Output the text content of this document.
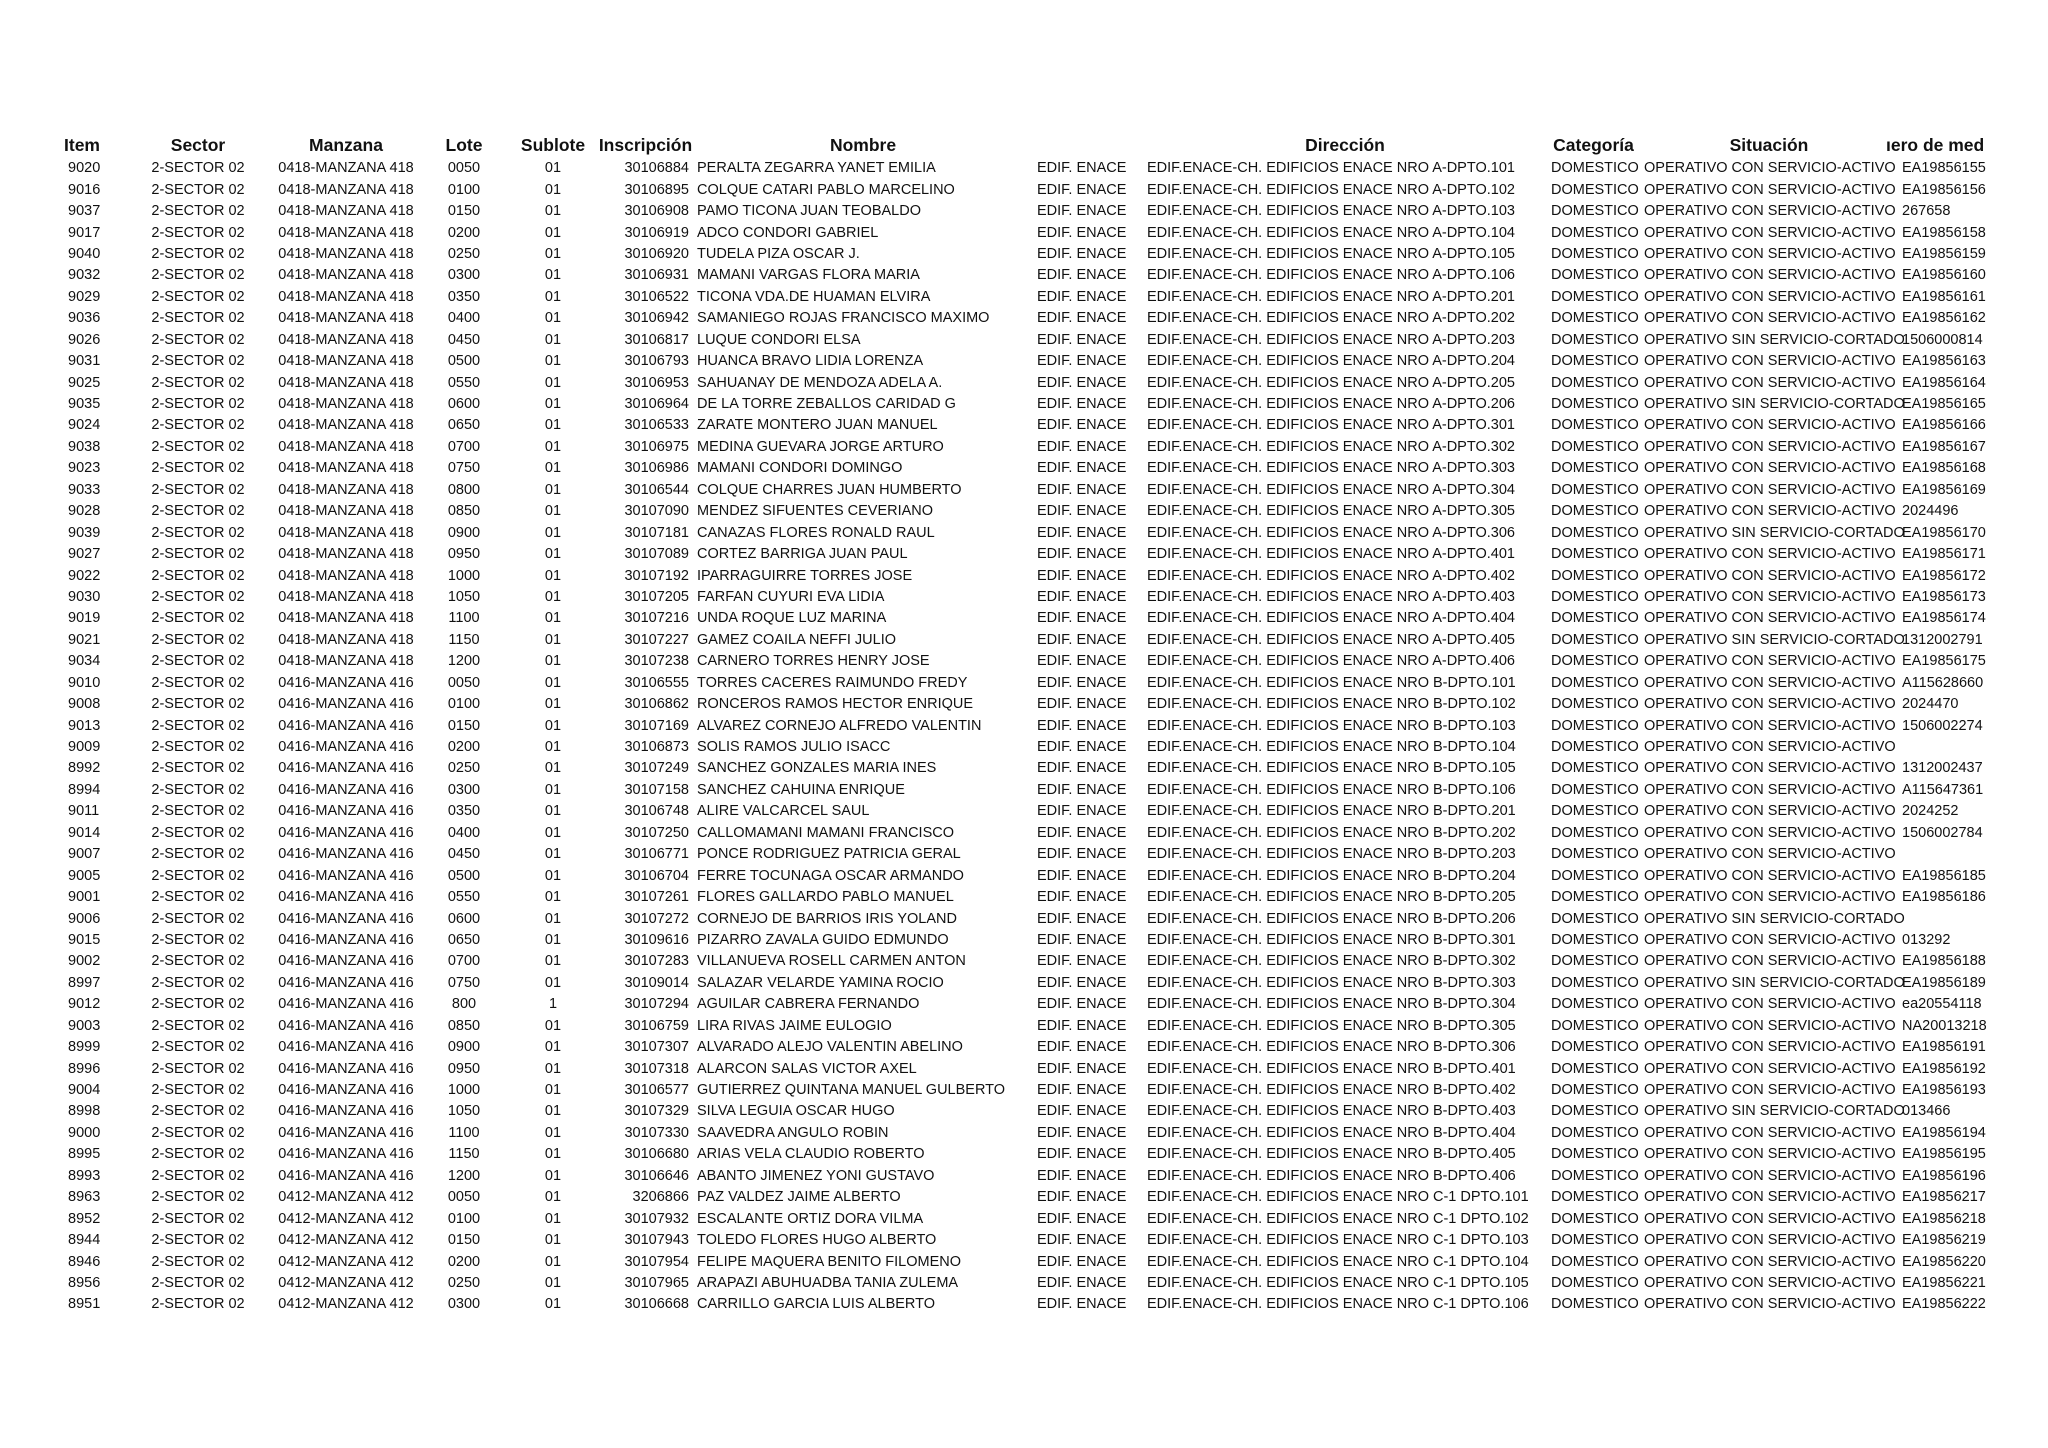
Item	Sector	Manzana	Lote	Sublote	Inscripción	Nombre		Dirección	Categoría	Situación	ıero de med
9020	2-SECTOR 02	0418-MANZANA 418	0050	01	30106884	PERALTA ZEGARRA YANET EMILIA	EDIF. ENACE	EDIF.ENACE-CH. EDIFICIOS ENACE NRO A-DPTO.101	DOMESTICO	OPERATIVO CON SERVICIO-ACTIVO	EA19856155
9016	2-SECTOR 02	0418-MANZANA 418	0100	01	30106895	COLQUE CATARI PABLO MARCELINO	EDIF. ENACE	EDIF.ENACE-CH. EDIFICIOS ENACE NRO A-DPTO.102	DOMESTICO	OPERATIVO CON SERVICIO-ACTIVO	EA19856156
9037	2-SECTOR 02	0418-MANZANA 418	0150	01	30106908	PAMO TICONA JUAN TEOBALDO	EDIF. ENACE	EDIF.ENACE-CH. EDIFICIOS ENACE NRO A-DPTO.103	DOMESTICO	OPERATIVO CON SERVICIO-ACTIVO	267658
9017	2-SECTOR 02	0418-MANZANA 418	0200	01	30106919	ADCO CONDORI GABRIEL	EDIF. ENACE	EDIF.ENACE-CH. EDIFICIOS ENACE NRO A-DPTO.104	DOMESTICO	OPERATIVO CON SERVICIO-ACTIVO	EA19856158
9040	2-SECTOR 02	0418-MANZANA 418	0250	01	30106920	TUDELA PIZA OSCAR J.	EDIF. ENACE	EDIF.ENACE-CH. EDIFICIOS ENACE NRO A-DPTO.105	DOMESTICO	OPERATIVO CON SERVICIO-ACTIVO	EA19856159
9032	2-SECTOR 02	0418-MANZANA 418	0300	01	30106931	MAMANI VARGAS FLORA MARIA	EDIF. ENACE	EDIF.ENACE-CH. EDIFICIOS ENACE NRO A-DPTO.106	DOMESTICO	OPERATIVO CON SERVICIO-ACTIVO	EA19856160
9029	2-SECTOR 02	0418-MANZANA 418	0350	01	30106522	TICONA VDA.DE HUAMAN ELVIRA	EDIF. ENACE	EDIF.ENACE-CH. EDIFICIOS ENACE NRO A-DPTO.201	DOMESTICO	OPERATIVO CON SERVICIO-ACTIVO	EA19856161
9036	2-SECTOR 02	0418-MANZANA 418	0400	01	30106942	SAMANIEGO ROJAS FRANCISCO MAXIMO	EDIF. ENACE	EDIF.ENACE-CH. EDIFICIOS ENACE NRO A-DPTO.202	DOMESTICO	OPERATIVO CON SERVICIO-ACTIVO	EA19856162
9026	2-SECTOR 02	0418-MANZANA 418	0450	01	30106817	LUQUE CONDORI ELSA	EDIF. ENACE	EDIF.ENACE-CH. EDIFICIOS ENACE NRO A-DPTO.203	DOMESTICO	OPERATIVO SIN SERVICIO-CORTADO	1506000814
9031	2-SECTOR 02	0418-MANZANA 418	0500	01	30106793	HUANCA BRAVO LIDIA LORENZA	EDIF. ENACE	EDIF.ENACE-CH. EDIFICIOS ENACE NRO A-DPTO.204	DOMESTICO	OPERATIVO CON SERVICIO-ACTIVO	EA19856163
9025	2-SECTOR 02	0418-MANZANA 418	0550	01	30106953	SAHUANAY DE MENDOZA ADELA A.	EDIF. ENACE	EDIF.ENACE-CH. EDIFICIOS ENACE NRO A-DPTO.205	DOMESTICO	OPERATIVO CON SERVICIO-ACTIVO	EA19856164
9035	2-SECTOR 02	0418-MANZANA 418	0600	01	30106964	DE LA TORRE ZEBALLOS CARIDAD G	EDIF. ENACE	EDIF.ENACE-CH. EDIFICIOS ENACE NRO A-DPTO.206	DOMESTICO	OPERATIVO SIN SERVICIO-CORTADO	EA19856165
9024	2-SECTOR 02	0418-MANZANA 418	0650	01	30106533	ZARATE MONTERO JUAN MANUEL	EDIF. ENACE	EDIF.ENACE-CH. EDIFICIOS ENACE NRO A-DPTO.301	DOMESTICO	OPERATIVO CON SERVICIO-ACTIVO	EA19856166
9038	2-SECTOR 02	0418-MANZANA 418	0700	01	30106975	MEDINA GUEVARA JORGE ARTURO	EDIF. ENACE	EDIF.ENACE-CH. EDIFICIOS ENACE NRO A-DPTO.302	DOMESTICO	OPERATIVO CON SERVICIO-ACTIVO	EA19856167
9023	2-SECTOR 02	0418-MANZANA 418	0750	01	30106986	MAMANI CONDORI DOMINGO	EDIF. ENACE	EDIF.ENACE-CH. EDIFICIOS ENACE NRO A-DPTO.303	DOMESTICO	OPERATIVO CON SERVICIO-ACTIVO	EA19856168
9033	2-SECTOR 02	0418-MANZANA 418	0800	01	30106544	COLQUE CHARRES JUAN HUMBERTO	EDIF. ENACE	EDIF.ENACE-CH. EDIFICIOS ENACE NRO A-DPTO.304	DOMESTICO	OPERATIVO CON SERVICIO-ACTIVO	EA19856169
9028	2-SECTOR 02	0418-MANZANA 418	0850	01	30107090	MENDEZ SIFUENTES CEVERIANO	EDIF. ENACE	EDIF.ENACE-CH. EDIFICIOS ENACE NRO A-DPTO.305	DOMESTICO	OPERATIVO CON SERVICIO-ACTIVO	2024496
9039	2-SECTOR 02	0418-MANZANA 418	0900	01	30107181	CANAZAS FLORES RONALD RAUL	EDIF. ENACE	EDIF.ENACE-CH. EDIFICIOS ENACE NRO A-DPTO.306	DOMESTICO	OPERATIVO SIN SERVICIO-CORTADO	EA19856170
9027	2-SECTOR 02	0418-MANZANA 418	0950	01	30107089	CORTEZ BARRIGA JUAN PAUL	EDIF. ENACE	EDIF.ENACE-CH. EDIFICIOS ENACE NRO A-DPTO.401	DOMESTICO	OPERATIVO CON SERVICIO-ACTIVO	EA19856171
9022	2-SECTOR 02	0418-MANZANA 418	1000	01	30107192	IPARRAGUIRRE TORRES JOSE	EDIF. ENACE	EDIF.ENACE-CH. EDIFICIOS ENACE NRO A-DPTO.402	DOMESTICO	OPERATIVO CON SERVICIO-ACTIVO	EA19856172
9030	2-SECTOR 02	0418-MANZANA 418	1050	01	30107205	FARFAN CUYURI EVA LIDIA	EDIF. ENACE	EDIF.ENACE-CH. EDIFICIOS ENACE NRO A-DPTO.403	DOMESTICO	OPERATIVO CON SERVICIO-ACTIVO	EA19856173
9019	2-SECTOR 02	0418-MANZANA 418	1100	01	30107216	UNDA ROQUE LUZ MARINA	EDIF. ENACE	EDIF.ENACE-CH. EDIFICIOS ENACE NRO A-DPTO.404	DOMESTICO	OPERATIVO CON SERVICIO-ACTIVO	EA19856174
9021	2-SECTOR 02	0418-MANZANA 418	1150	01	30107227	GAMEZ COAILA NEFFI JULIO	EDIF. ENACE	EDIF.ENACE-CH. EDIFICIOS ENACE NRO A-DPTO.405	DOMESTICO	OPERATIVO SIN SERVICIO-CORTADO	1312002791
9034	2-SECTOR 02	0418-MANZANA 418	1200	01	30107238	CARNERO TORRES HENRY JOSE	EDIF. ENACE	EDIF.ENACE-CH. EDIFICIOS ENACE NRO A-DPTO.406	DOMESTICO	OPERATIVO CON SERVICIO-ACTIVO	EA19856175
9010	2-SECTOR 02	0416-MANZANA 416	0050	01	30106555	TORRES CACERES RAIMUNDO FREDY	EDIF. ENACE	EDIF.ENACE-CH. EDIFICIOS ENACE NRO B-DPTO.101	DOMESTICO	OPERATIVO CON SERVICIO-ACTIVO	A115628660
9008	2-SECTOR 02	0416-MANZANA 416	0100	01	30106862	RONCEROS RAMOS HECTOR ENRIQUE	EDIF. ENACE	EDIF.ENACE-CH. EDIFICIOS ENACE NRO B-DPTO.102	DOMESTICO	OPERATIVO CON SERVICIO-ACTIVO	2024470
9013	2-SECTOR 02	0416-MANZANA 416	0150	01	30107169	ALVAREZ CORNEJO ALFREDO VALENTIN	EDIF. ENACE	EDIF.ENACE-CH. EDIFICIOS ENACE NRO B-DPTO.103	DOMESTICO	OPERATIVO CON SERVICIO-ACTIVO	1506002274
9009	2-SECTOR 02	0416-MANZANA 416	0200	01	30106873	SOLIS RAMOS JULIO ISACC	EDIF. ENACE	EDIF.ENACE-CH. EDIFICIOS ENACE NRO B-DPTO.104	DOMESTICO	OPERATIVO CON SERVICIO-ACTIVO	
8992	2-SECTOR 02	0416-MANZANA 416	0250	01	30107249	SANCHEZ GONZALES MARIA INES	EDIF. ENACE	EDIF.ENACE-CH. EDIFICIOS ENACE NRO B-DPTO.105	DOMESTICO	OPERATIVO CON SERVICIO-ACTIVO	1312002437
8994	2-SECTOR 02	0416-MANZANA 416	0300	01	30107158	SANCHEZ CAHUINA ENRIQUE	EDIF. ENACE	EDIF.ENACE-CH. EDIFICIOS ENACE NRO B-DPTO.106	DOMESTICO	OPERATIVO CON SERVICIO-ACTIVO	A115647361
9011	2-SECTOR 02	0416-MANZANA 416	0350	01	30106748	ALIRE VALCARCEL SAUL	EDIF. ENACE	EDIF.ENACE-CH. EDIFICIOS ENACE NRO B-DPTO.201	DOMESTICO	OPERATIVO CON SERVICIO-ACTIVO	2024252
9014	2-SECTOR 02	0416-MANZANA 416	0400	01	30107250	CALLOMAMANI MAMANI FRANCISCO	EDIF. ENACE	EDIF.ENACE-CH. EDIFICIOS ENACE NRO B-DPTO.202	DOMESTICO	OPERATIVO CON SERVICIO-ACTIVO	1506002784
9007	2-SECTOR 02	0416-MANZANA 416	0450	01	30106771	PONCE RODRIGUEZ PATRICIA GERAL	EDIF. ENACE	EDIF.ENACE-CH. EDIFICIOS ENACE NRO B-DPTO.203	DOMESTICO	OPERATIVO CON SERVICIO-ACTIVO	
9005	2-SECTOR 02	0416-MANZANA 416	0500	01	30106704	FERRE TOCUNAGA OSCAR ARMANDO	EDIF. ENACE	EDIF.ENACE-CH. EDIFICIOS ENACE NRO B-DPTO.204	DOMESTICO	OPERATIVO CON SERVICIO-ACTIVO	EA19856185
9001	2-SECTOR 02	0416-MANZANA 416	0550	01	30107261	FLORES GALLARDO PABLO MANUEL	EDIF. ENACE	EDIF.ENACE-CH. EDIFICIOS ENACE NRO B-DPTO.205	DOMESTICO	OPERATIVO CON SERVICIO-ACTIVO	EA19856186
9006	2-SECTOR 02	0416-MANZANA 416	0600	01	30107272	CORNEJO DE BARRIOS IRIS YOLAND	EDIF. ENACE	EDIF.ENACE-CH. EDIFICIOS ENACE NRO B-DPTO.206	DOMESTICO	OPERATIVO SIN SERVICIO-CORTADO	
9015	2-SECTOR 02	0416-MANZANA 416	0650	01	30109616	PIZARRO ZAVALA GUIDO EDMUNDO	EDIF. ENACE	EDIF.ENACE-CH. EDIFICIOS ENACE NRO B-DPTO.301	DOMESTICO	OPERATIVO CON SERVICIO-ACTIVO	013292
9002	2-SECTOR 02	0416-MANZANA 416	0700	01	30107283	VILLANUEVA ROSELL CARMEN ANTON	EDIF. ENACE	EDIF.ENACE-CH. EDIFICIOS ENACE NRO B-DPTO.302	DOMESTICO	OPERATIVO CON SERVICIO-ACTIVO	EA19856188
8997	2-SECTOR 02	0416-MANZANA 416	0750	01	30109014	SALAZAR VELARDE YAMINA ROCIO	EDIF. ENACE	EDIF.ENACE-CH. EDIFICIOS ENACE NRO B-DPTO.303	DOMESTICO	OPERATIVO SIN SERVICIO-CORTADO	EA19856189
9012	2-SECTOR 02	0416-MANZANA 416	800	1	30107294	AGUILAR CABRERA FERNANDO	EDIF. ENACE	EDIF.ENACE-CH. EDIFICIOS ENACE NRO B-DPTO.304	DOMESTICO	OPERATIVO CON SERVICIO-ACTIVO	ea20554118
9003	2-SECTOR 02	0416-MANZANA 416	0850	01	30106759	LIRA RIVAS JAIME EULOGIO	EDIF. ENACE	EDIF.ENACE-CH. EDIFICIOS ENACE NRO B-DPTO.305	DOMESTICO	OPERATIVO CON SERVICIO-ACTIVO	NA20013218
8999	2-SECTOR 02	0416-MANZANA 416	0900	01	30107307	ALVARADO ALEJO VALENTIN ABELINO	EDIF. ENACE	EDIF.ENACE-CH. EDIFICIOS ENACE NRO B-DPTO.306	DOMESTICO	OPERATIVO CON SERVICIO-ACTIVO	EA19856191
8996	2-SECTOR 02	0416-MANZANA 416	0950	01	30107318	ALARCON SALAS VICTOR AXEL	EDIF. ENACE	EDIF.ENACE-CH. EDIFICIOS ENACE NRO B-DPTO.401	DOMESTICO	OPERATIVO CON SERVICIO-ACTIVO	EA19856192
9004	2-SECTOR 02	0416-MANZANA 416	1000	01	30106577	GUTIERREZ QUINTANA MANUEL GULBERTO	EDIF. ENACE	EDIF.ENACE-CH. EDIFICIOS ENACE NRO B-DPTO.402	DOMESTICO	OPERATIVO CON SERVICIO-ACTIVO	EA19856193
8998	2-SECTOR 02	0416-MANZANA 416	1050	01	30107329	SILVA LEGUIA OSCAR HUGO	EDIF. ENACE	EDIF.ENACE-CH. EDIFICIOS ENACE NRO B-DPTO.403	DOMESTICO	OPERATIVO SIN SERVICIO-CORTADO	013466
9000	2-SECTOR 02	0416-MANZANA 416	1100	01	30107330	SAAVEDRA ANGULO ROBIN	EDIF. ENACE	EDIF.ENACE-CH. EDIFICIOS ENACE NRO B-DPTO.404	DOMESTICO	OPERATIVO CON SERVICIO-ACTIVO	EA19856194
8995	2-SECTOR 02	0416-MANZANA 416	1150	01	30106680	ARIAS VELA CLAUDIO ROBERTO	EDIF. ENACE	EDIF.ENACE-CH. EDIFICIOS ENACE NRO B-DPTO.405	DOMESTICO	OPERATIVO CON SERVICIO-ACTIVO	EA19856195
8993	2-SECTOR 02	0416-MANZANA 416	1200	01	30106646	ABANTO JIMENEZ YONI GUSTAVO	EDIF. ENACE	EDIF.ENACE-CH. EDIFICIOS ENACE NRO B-DPTO.406	DOMESTICO	OPERATIVO CON SERVICIO-ACTIVO	EA19856196
8963	2-SECTOR 02	0412-MANZANA 412	0050	01	3206866	PAZ VALDEZ JAIME ALBERTO	EDIF. ENACE	EDIF.ENACE-CH. EDIFICIOS ENACE NRO C-1 DPTO.101	DOMESTICO	OPERATIVO CON SERVICIO-ACTIVO	EA19856217
8952	2-SECTOR 02	0412-MANZANA 412	0100	01	30107932	ESCALANTE ORTIZ DORA VILMA	EDIF. ENACE	EDIF.ENACE-CH. EDIFICIOS ENACE NRO C-1 DPTO.102	DOMESTICO	OPERATIVO CON SERVICIO-ACTIVO	EA19856218
8944	2-SECTOR 02	0412-MANZANA 412	0150	01	30107943	TOLEDO FLORES HUGO ALBERTO	EDIF. ENACE	EDIF.ENACE-CH. EDIFICIOS ENACE NRO C-1 DPTO.103	DOMESTICO	OPERATIVO CON SERVICIO-ACTIVO	EA19856219
8946	2-SECTOR 02	0412-MANZANA 412	0200	01	30107954	FELIPE MAQUERA BENITO FILOMENO	EDIF. ENACE	EDIF.ENACE-CH. EDIFICIOS ENACE NRO C-1 DPTO.104	DOMESTICO	OPERATIVO CON SERVICIO-ACTIVO	EA19856220
8956	2-SECTOR 02	0412-MANZANA 412	0250	01	30107965	ARAPAZI ABUHUADBA TANIA ZULEMA	EDIF. ENACE	EDIF.ENACE-CH. EDIFICIOS ENACE NRO C-1 DPTO.105	DOMESTICO	OPERATIVO CON SERVICIO-ACTIVO	EA19856221
8951	2-SECTOR 02	0412-MANZANA 412	0300	01	30106668	CARRILLO GARCIA LUIS ALBERTO	EDIF. ENACE	EDIF.ENACE-CH. EDIFICIOS ENACE NRO C-1 DPTO.106	DOMESTICO	OPERATIVO CON SERVICIO-ACTIVO	EA19856222
